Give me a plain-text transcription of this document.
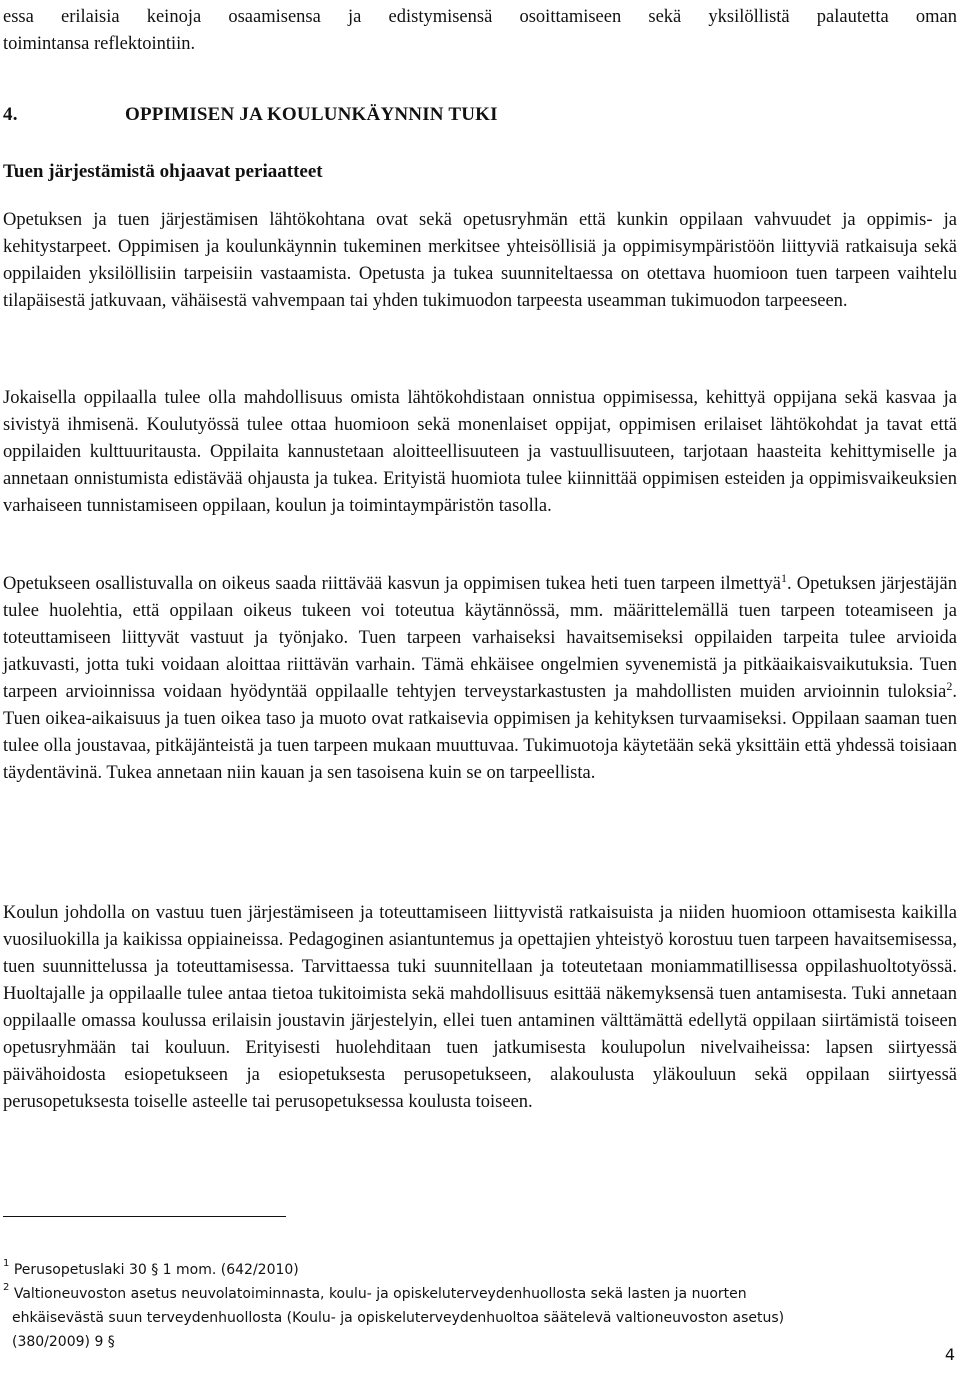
essa erilaisia keinoja osaamisensa ja edistymisensä osoittamiseen sekä yksilöllistä palautetta oman

toimintansa reflektointiin.

4.	OPPIMISEN JA KOULUNKÄYNNIN TUKI
Tuen järjestämistä ohjaavat periaatteet

Opetuksen ja tuen järjestämisen lähtökohtana ovat sekä opetusryhmän että kunkin oppilaan vahvuudet ja oppimis- ja kehitystarpeet. Oppimisen ja koulunkäynnin tukeminen merkitsee yhteisöllisiä ja oppimisympäristöön liittyviä ratkaisuja sekä oppilaiden yksilöllisiin tarpeisiin vastaamista. Opetusta ja tukea suunniteltaessa on otettava huomioon tuen tarpeen vaihtelu tilapäisestä jatkuvaan, vähäisestä vahvempaan tai yhden tukimuodon tarpeesta useamman tukimuodon tarpeeseen.

Jokaisella oppilaalla tulee olla mahdollisuus omista lähtökohdistaan onnistua oppimisessa, kehittyä oppijana sekä kasvaa ja sivistyä ihmisenä. Koulutyössä tulee ottaa huomioon sekä monenlaiset oppijat, oppimisen erilaiset lähtökohdat ja tavat että oppilaiden kulttuuritausta. Oppilaita kannustetaan aloitteellisuuteen ja vastuullisuuteen, tarjotaan haasteita kehittymiselle ja annetaan onnistumista edistävää ohjausta ja tukea. Erityistä huomiota tulee kiinnittää oppimisen esteiden ja oppimisvaikeuksien varhaiseen tunnistamiseen oppilaan, koulun ja toimintaympäristön tasolla.

Opetukseen osallistuvalla on oikeus saada riittävää kasvun ja oppimisen tukea heti tuen tarpeen ilmettyä$^1$. Opetuksen järjestäjän tulee huolehtia, että oppilaan oikeus tukeen voi toteutua käytännössä, mm. määrittelemällä tuen tarpeen toteamiseen ja toteuttamiseen liittyvät vastuut ja työnjako. Tuen tarpeen varhaiseksi havaitsemiseksi oppilaiden tarpeita tulee arvioida jatkuvasti, jotta tuki voidaan aloittaa riittävän varhain. Tämä ehkäisee ongelmien syvenemistä ja pitkäaikaisvaikutuksia. Tuen tarpeen arvioinnissa voidaan hyödyntää oppilaalle tehtyjen terveystarkastusten ja mahdollisten muiden arvioinnin tuloksia$^2$. Tuen oikea-aikaisuus ja tuen oikea taso ja muoto ovat ratkaisevia oppimisen ja kehityksen turvaamiseksi. Oppilaan saaman tuen tulee olla joustavaa, pitkäjänteistä ja tuen tarpeen mukaan muuttuvaa. Tukimuotoja käytetään sekä yksittäin että yhdessä toisiaan täydentävinä. Tukea annetaan niin kauan ja sen tasoisena kuin se on tarpeellista.

Koulun johdolla on vastuu tuen järjestämiseen ja toteuttamiseen liittyvistä ratkaisuista ja niiden huomioon ottamisesta kaikilla vuosiluokilla ja kaikissa oppiaineissa. Pedagoginen asiantuntemus ja opettajien yhteistyö korostuu tuen tarpeen havaitsemisessa, tuen suunnittelussa ja toteuttamisessa. Tarvittaessa tuki suunnitellaan ja toteutetaan moniammatillisessa oppilashuoltotyössä. Huoltajalle ja oppilaalle tulee antaa tietoa tukitoimista sekä mahdollisuus esittää näkemyksensä tuen antamisesta. Tuki annetaan oppilaalle omassa koulussa erilaisin joustavin järjestelyin, ellei tuen antaminen välttämättä edellytä oppilaan siirtämistä toiseen opetusryhmään tai kouluun. Erityisesti huolehditaan tuen jatkumisesta koulupolun nivelvaiheissa: lapsen siirtyessä päivähoidosta esiopetukseen ja esiopetuksesta perusopetukseen, alakoulusta yläkouluun sekä oppilaan siirtyessä perusopetuksesta toiselle asteelle tai perusopetuksessa koulusta toiseen.

$^1$ Perusopetuslaki 30 § 1 mom. (642/2010)
$^2$ Valtioneuvoston asetus neuvolatoiminnasta, koulu- ja opiskeluterveydenhuollosta sekä lasten ja nuorten
ehkäisevästä suun terveydenhuollosta (Koulu- ja opiskeluterveydenhuoltoa säätelevä valtioneuvoston asetus)
(380/2009) 9 §
4
